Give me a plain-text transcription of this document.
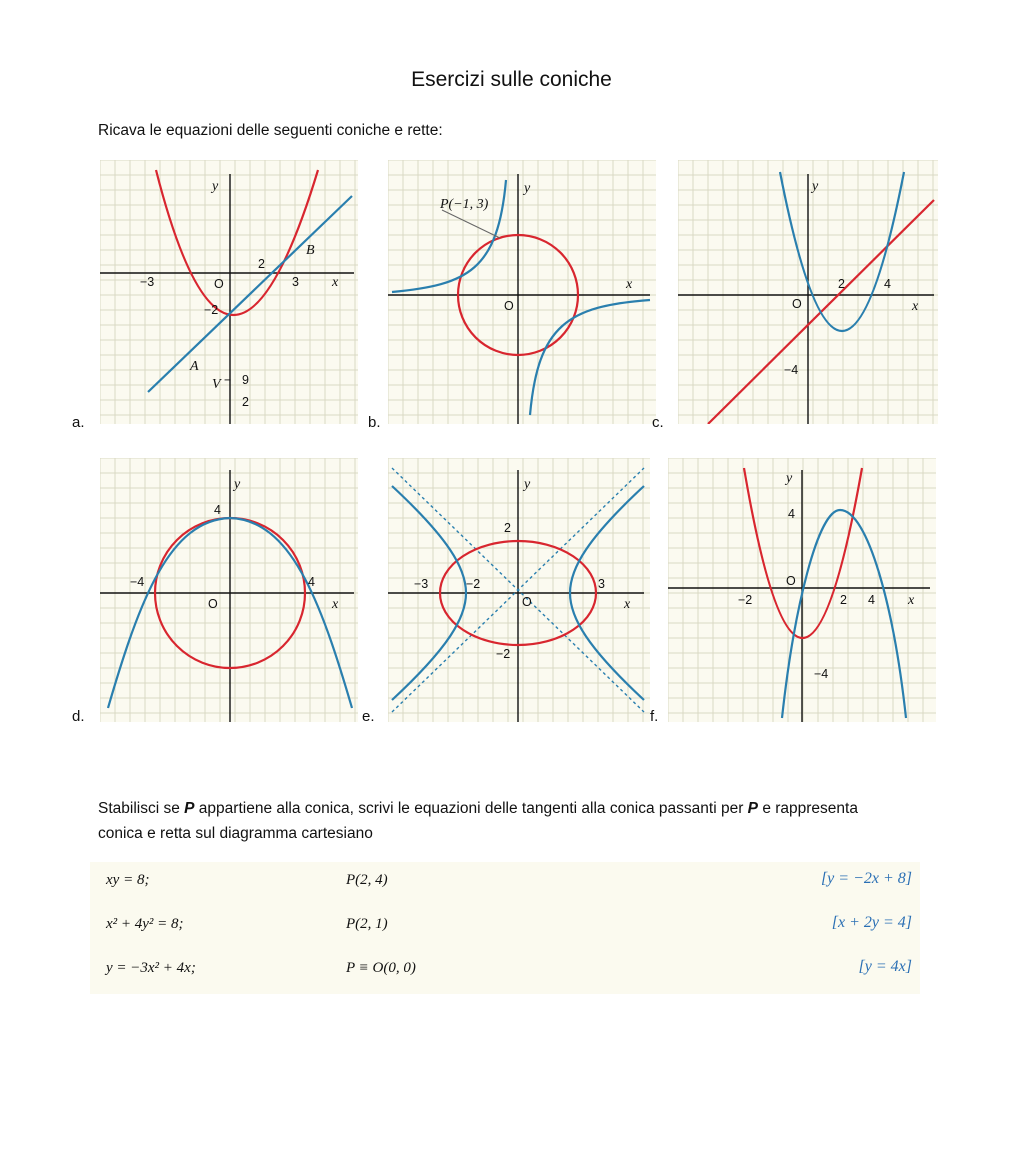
Esercizi sulle coniche
Ricava le equazioni delle seguenti coniche e rette:
y
x
O
−3	3
2
−2
A
B
V − 9
2
a.
P(−1, 3)
y
x
O
b.
y
x
O
2	4
−4
c.
y
x
O
−4	4
4
d.
y
x
O
−3	−2	3
2
−2
e.
y
x
O
−2	2 4
4
−4
f.
Stabilisci se P appartiene alla conica, scrivi le equazioni delle tangenti alla conica passanti per P e rappresenta conica e retta sul diagramma cartesiano
xy = 8;	P(2, 4)	[y = −2x + 8]
x² + 4y² = 8;	P(2, 1)	[x + 2y = 4]
y = −3x² + 4x;	P ≡ O(0, 0)	[y = 4x]
